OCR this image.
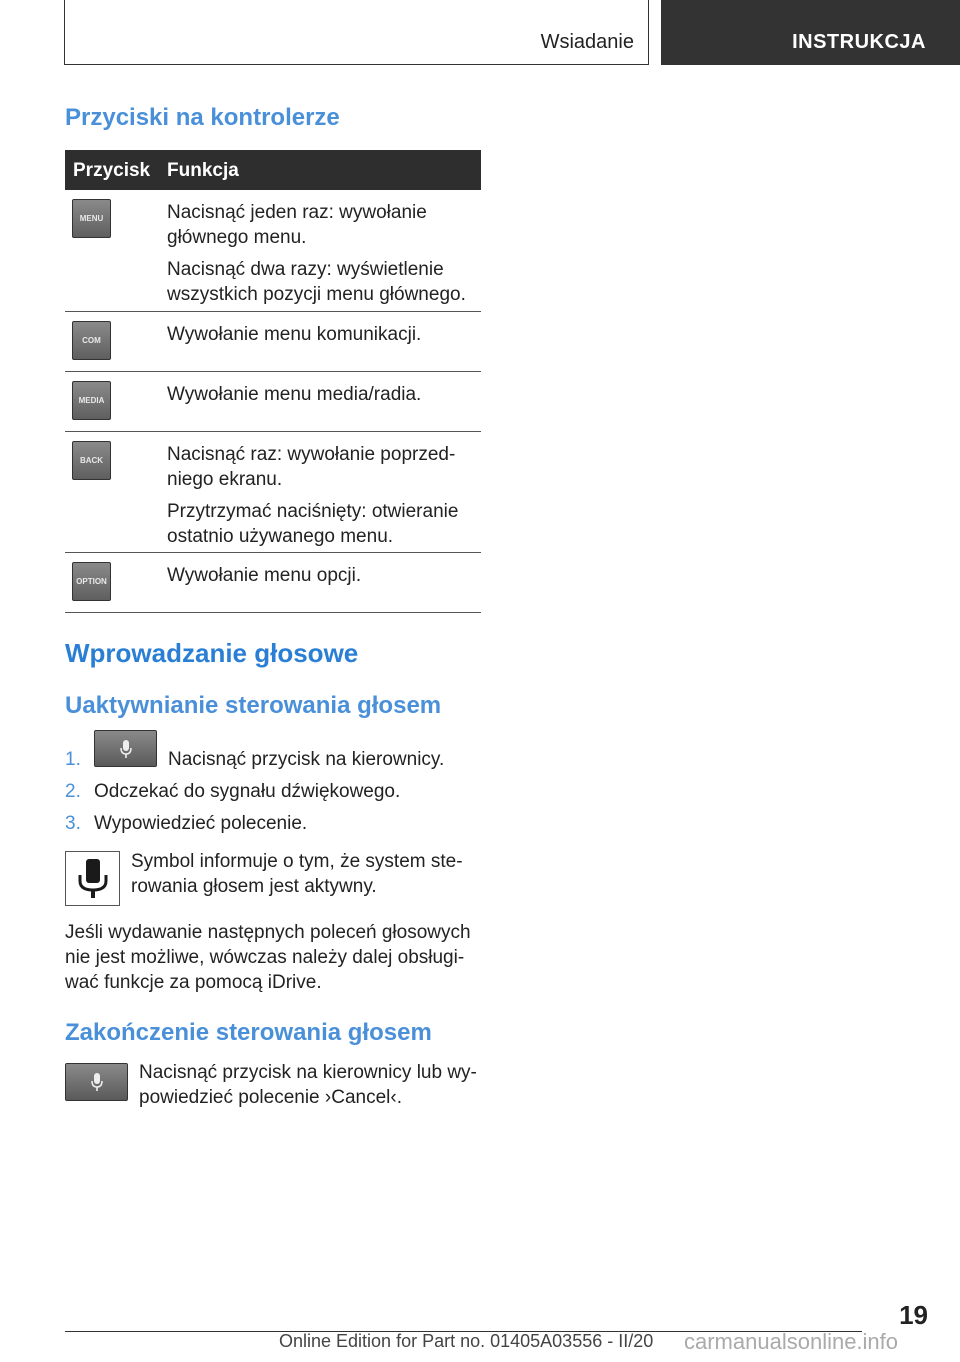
Wsiadanie	INSTRUKCJA
Przyciski na kontrolerze
Przycisk Funkcja
MENU	Nacisnąć jeden raz: wywołanie głównego menu.

Nacisnąć dwa razy: wyświetlenie wszystkich pozycji menu głównego.

COM	Wywołanie menu komunikacji.

MEDIA	Wywołanie menu media/radia.

BACK	Nacisnąć raz: wywołanie poprzed-niego ekranu.

Przytrzymać naciśnięty: otwieranie ostatnio używanego menu.

OPTION	Wywołanie menu opcji.

Wprowadzanie głosowe
Uaktywnianie sterowania głosem
1.	Nacisnąć przycisk na kierownicy.
2. Odczekać do sygnału dźwiękowego.
3. Wypowiedzieć polecenie.
Symbol informuje o tym, że system ste-rowania głosem jest aktywny.
Jeśli wydawanie następnych poleceń głosowych nie jest możliwe, wówczas należy dalej obsługi-wać funkcje za pomocą iDrive.
Zakończenie sterowania głosem
Nacisnąć przycisk na kierownicy lub wy-powiedzieć polecenie ›Cancel‹.
19
Online Edition for Part no. 01405A03556 - II/20 carmanualsonline.info
